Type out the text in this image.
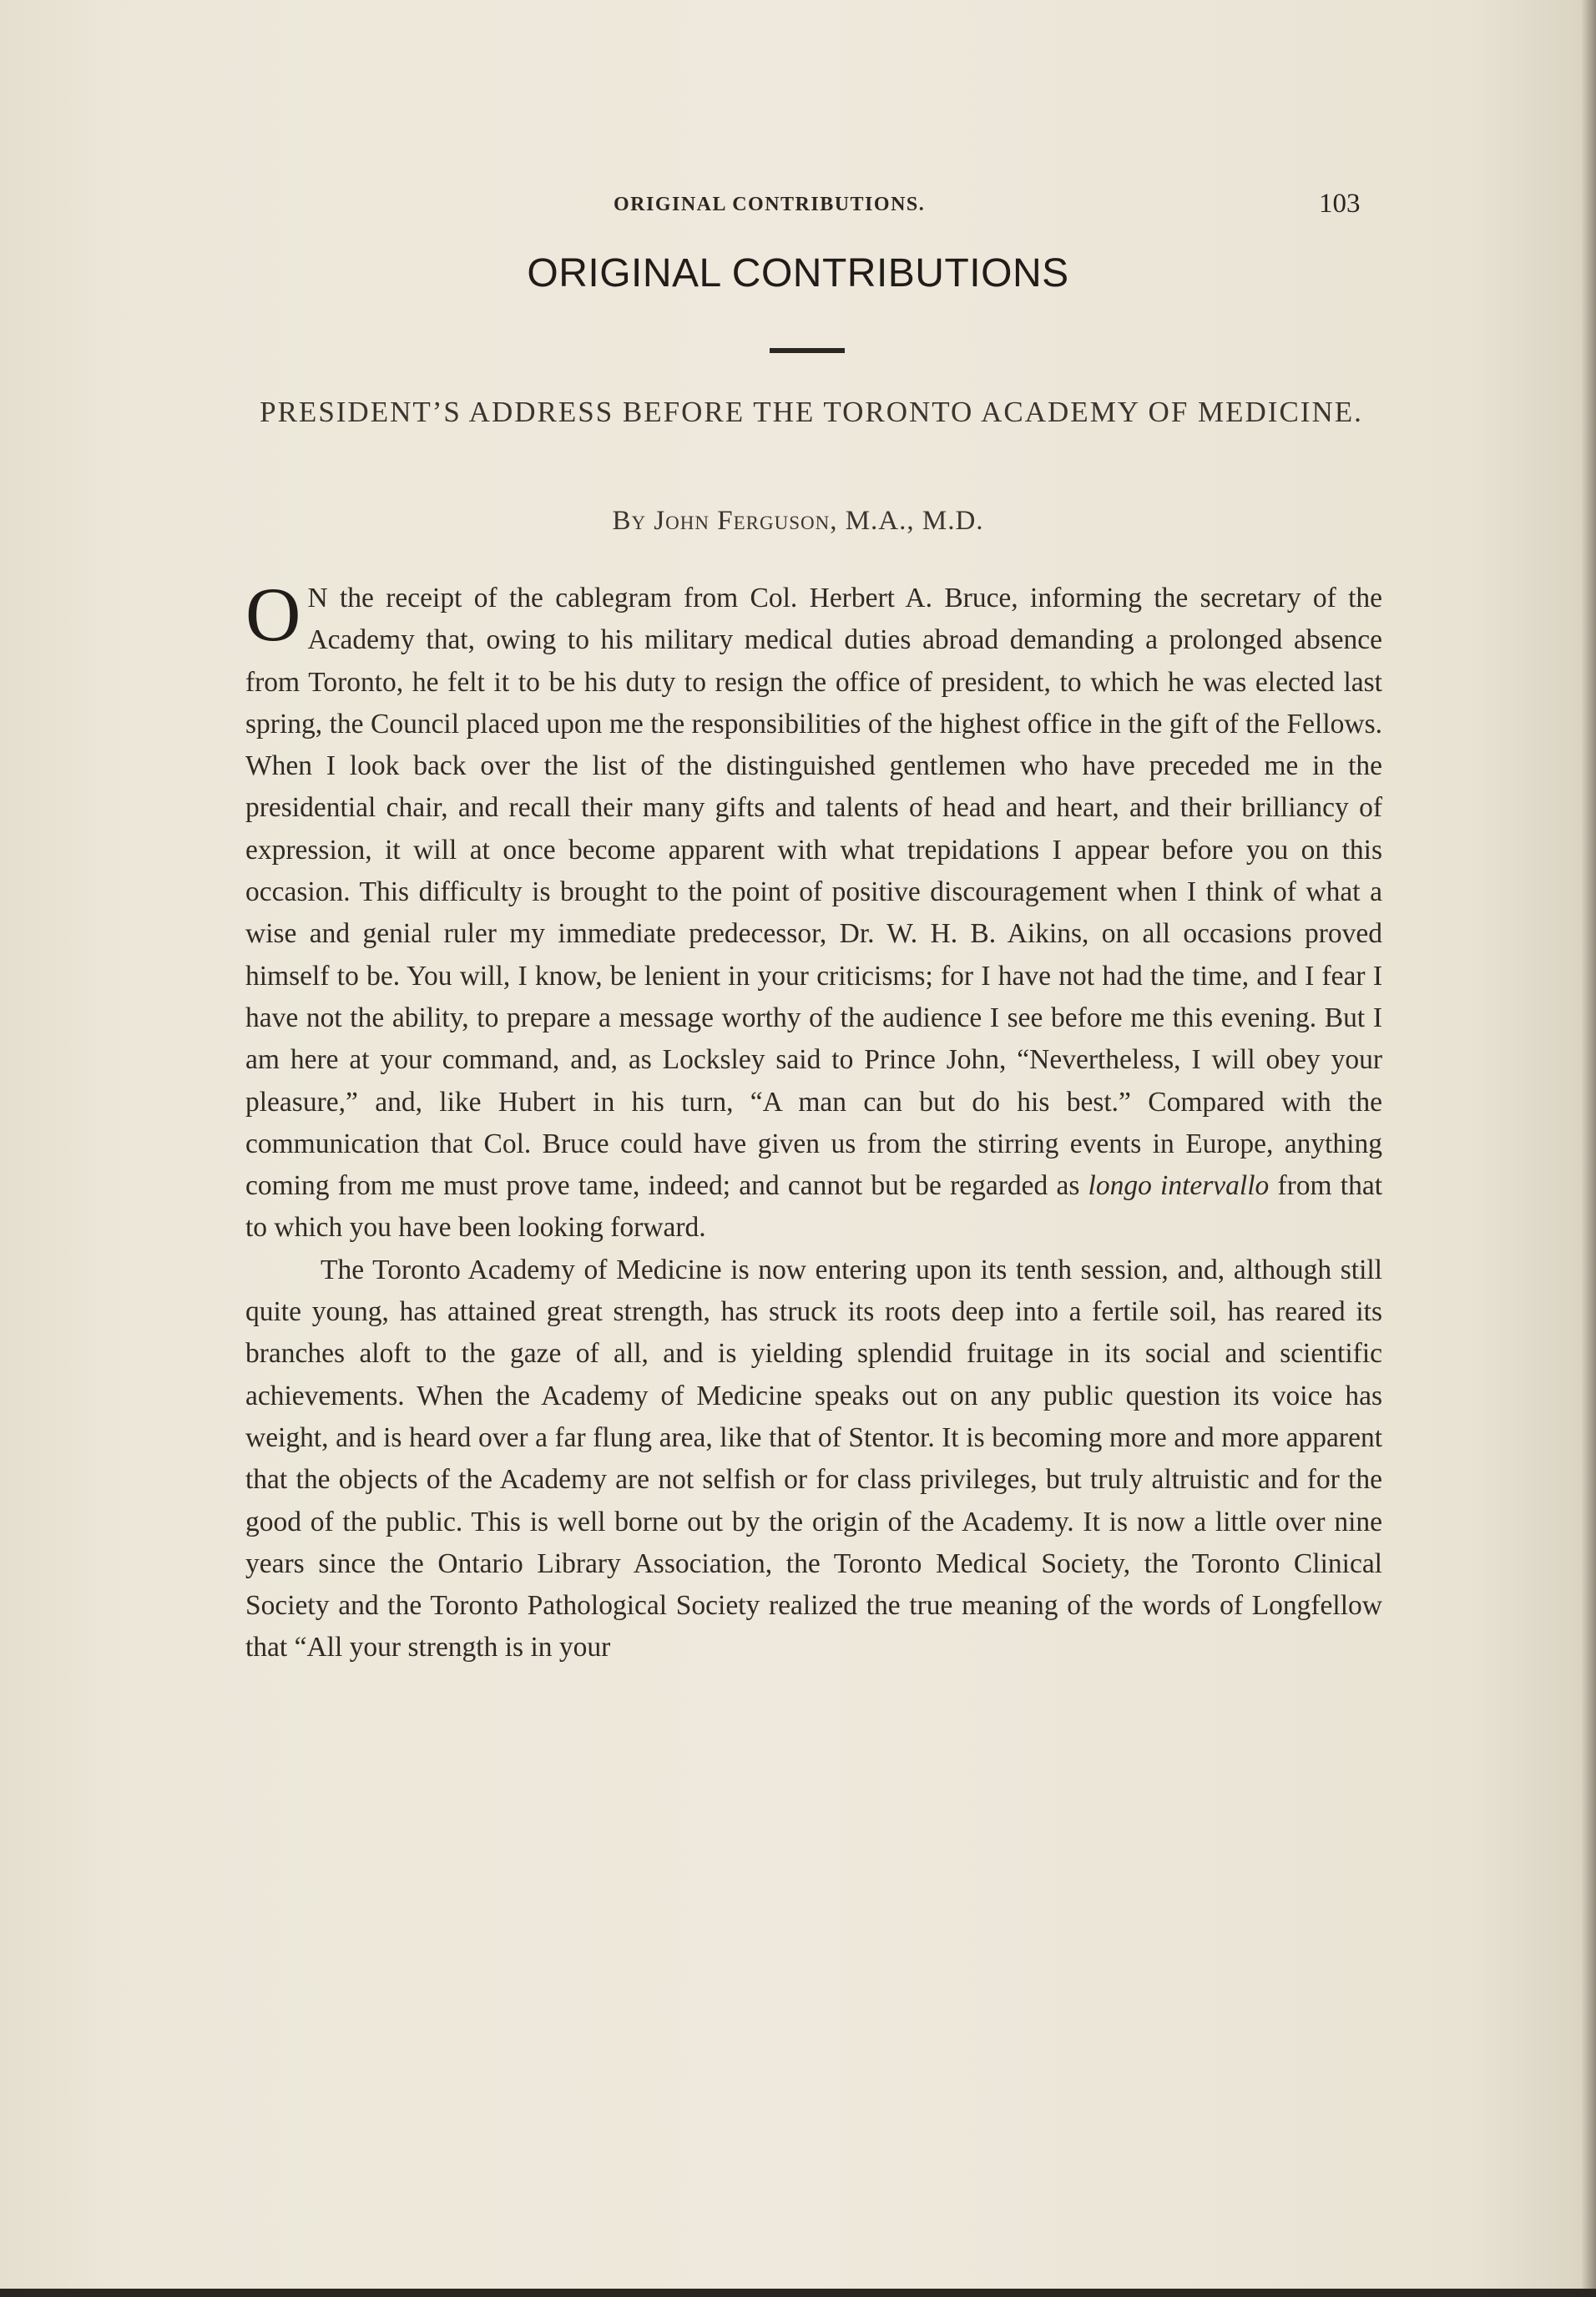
ORIGINAL CONTRIBUTIONS.	103
ORIGINAL CONTRIBUTIONS
PRESIDENT’S ADDRESS BEFORE THE TORONTO ACADEMY OF MEDICINE.
By John Ferguson, M.A., M.D.

ON the receipt of the cablegram from Col. Herbert A. Bruce, informing the secretary of the Academy that, owing to his military medical duties abroad demanding a prolonged absence from Toronto, he felt it to be his duty to resign the office of president, to which he was elected last spring, the Council placed upon me the responsibilities of the highest office in the gift of the Fellows. When I look back over the list of the distinguished gentlemen who have preceded me in the presidential chair, and recall their many gifts and talents of head and heart, and their brilliancy of expression, it will at once become apparent with what trepidations I appear before you on this occasion. This difficulty is brought to the point of positive discouragement when I think of what a wise and genial ruler my immediate predecessor, Dr. W. H. B. Aikins, on all occasions proved himself to be. You will, I know, be lenient in your criticisms; for I have not had the time, and I fear I have not the ability, to prepare a message worthy of the audience I see before me this evening. But I am here at your command, and, as Locksley said to Prince John, “Nevertheless, I will obey your pleasure,” and, like Hubert in his turn, “A man can but do his best.” Compared with the communication that Col. Bruce could have given us from the stirring events in Europe, anything coming from me must prove tame, indeed; and cannot but be regarded as longo intervallo from that to which you have been looking forward.

The Toronto Academy of Medicine is now entering upon its tenth session, and, although still quite young, has attained great strength, has struck its roots deep into a fertile soil, has reared its branches aloft to the gaze of all, and is yielding splendid fruitage in its social and scientific achievements. When the Academy of Medicine speaks out on any public question its voice has weight, and is heard over a far flung area, like that of Stentor. It is becoming more and more apparent that the objects of the Academy are not selfish or for class privileges, but truly altruistic and for the good of the public. This is well borne out by the origin of the Academy. It is now a little over nine years since the Ontario Library Association, the Toronto Medical Society, the Toronto Clinical Society and the Toronto Pathological Society realized the true meaning of the words of Longfellow that “All your strength is in your
